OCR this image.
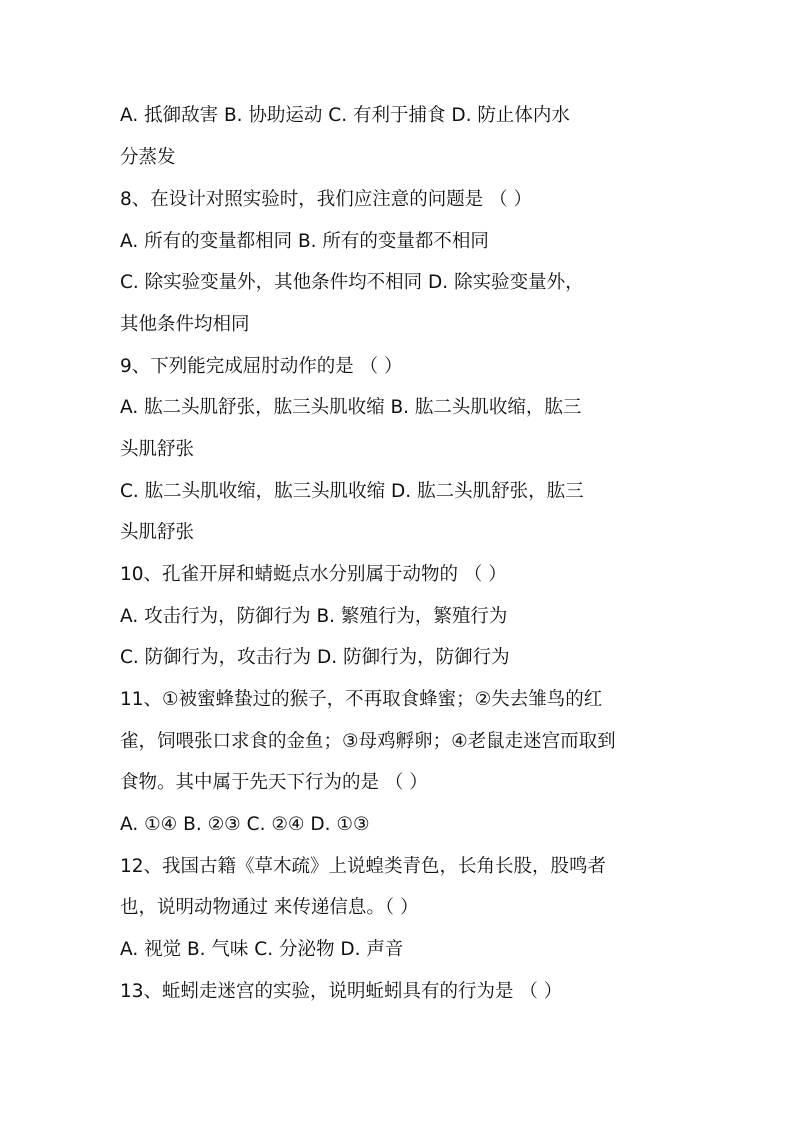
A. 抵御敌害 B. 协助运动 C. 有利于捕食 D. 防止体内水
分蒸发
8、在设计对照实验时，我们应注意的问题是 （ ）
A. 所有的变量都相同 B. 所有的变量都不相同
C. 除实验变量外，其他条件均不相同 D. 除实验变量外，
其他条件均相同
9、下列能完成屈肘动作的是 （ ）
A. 肱二头肌舒张，肱三头肌收缩 B. 肱二头肌收缩，肱三
头肌舒张
C. 肱二头肌收缩，肱三头肌收缩 D. 肱二头肌舒张，肱三
头肌舒张
10、孔雀开屏和蜻蜓点水分别属于动物的 （ ）
A. 攻击行为，防御行为 B. 繁殖行为，繁殖行为
C. 防御行为，攻击行为 D. 防御行为，防御行为
11、①被蜜蜂蛰过的猴子，不再取食蜂蜜；②失去雏鸟的红
雀，饲喂张口求食的金鱼；③母鸡孵卵；④老鼠走迷宫而取到
食物。其中属于先天下行为的是 （ ）
A. ①④ B. ②③ C. ②④ D. ①③
12、我国古籍《草木疏》上说蝗类青色，长角长股，股鸣者
也，说明动物通过 来传递信息。（ ）
A. 视觉 B. 气味 C. 分泌物 D. 声音
13、蚯蚓走迷宫的实验，说明蚯蚓具有的行为是 （ ）
